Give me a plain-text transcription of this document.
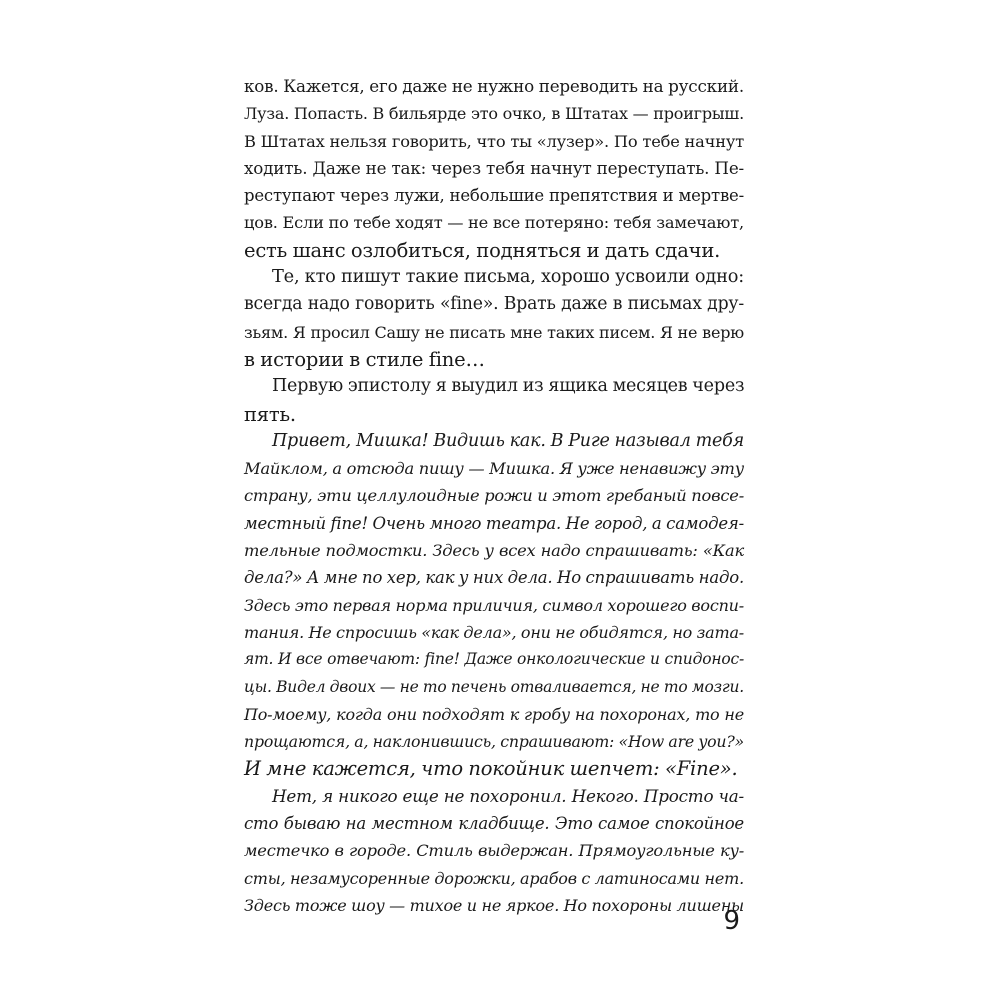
ков. Кажется, его даже не нужно переводить на русский.
Луза. Попасть. В бильярде это очко, в Штатах — проигрыш.
В Штатах нельзя говорить, что ты «лузер». По тебе начнут
ходить. Даже не так: через тебя начнут переступать. Пе-
реступают через лужи, небольшие препятствия и мертве-
цов. Если по тебе ходят — не все потеряно: тебя замечают,
есть шанс озлобиться, подняться и дать сдачи.
Те, кто пишут такие письма, хорошо усвоили одно:
всегда надо говорить «fine». Врать даже в письмах дру-
зьям. Я просил Сашу не писать мне таких писем. Я не верю
в истории в стиле fine…
Первую эпистолу я выудил из ящика месяцев через
пять.
Привет, Мишка! Видишь как. В Риге называл тебя
Майклом, а отсюда пишу — Мишка. Я уже ненавижу эту
страну, эти целлулоидные рожи и этот гребаный повсе-
местный fine! Очень много театра. Не город, а самодея-
тельные подмостки. Здесь у всех надо спрашивать: «Как
дела?» А мне по хер, как у них дела. Но спрашивать надо.
Здесь это первая норма приличия, символ хорошего воспи-
тания. Не спросишь «как дела», они не обидятся, но зата-
ят. И все отвечают: fine! Даже онкологические и спидонос-
цы. Видел двоих — не то печень отваливается, не то мозги.
По-моему, когда они подходят к гробу на похоронах, то не
прощаются, а, наклонившись, спрашивают: «How are you?»
И мне кажется, что покойник шепчет: «Fine».
Нет, я никого еще не похоронил. Некого. Просто ча-
сто бываю на местном кладбище. Это самое спокойное
местечко в городе. Стиль выдержан. Прямоугольные ку-
сты, незамусоренные дорожки, арабов с латиносами нет.
Здесь тоже шоу — тихое и не яркое. Но похороны лишены
9
